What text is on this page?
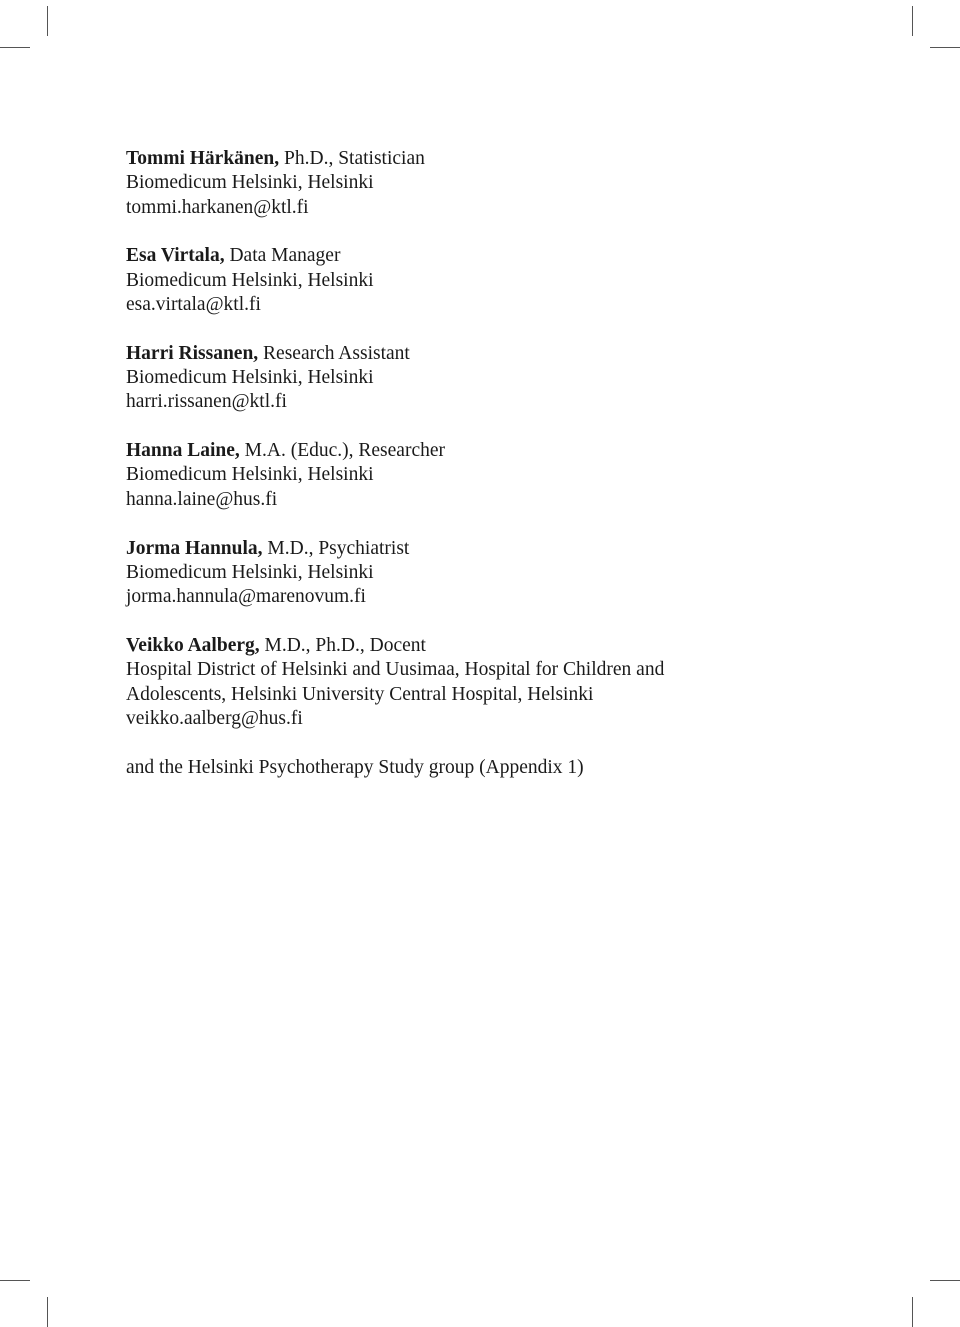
Tommi Härkänen, Ph.D., Statistician
Biomedicum Helsinki, Helsinki
tommi.harkanen@ktl.fi
Esa Virtala, Data Manager
Biomedicum Helsinki, Helsinki
esa.virtala@ktl.fi
Harri Rissanen, Research Assistant
Biomedicum Helsinki, Helsinki
harri.rissanen@ktl.fi
Hanna Laine, M.A. (Educ.), Researcher
Biomedicum Helsinki, Helsinki
hanna.laine@hus.fi
Jorma Hannula, M.D., Psychiatrist
Biomedicum Helsinki, Helsinki
jorma.hannula@marenovum.fi
Veikko Aalberg, M.D., Ph.D., Docent
Hospital District of Helsinki and Uusimaa, Hospital for Children and
Adolescents, Helsinki University Central Hospital, Helsinki
veikko.aalberg@hus.fi
and the Helsinki Psychotherapy Study group (Appendix 1)
